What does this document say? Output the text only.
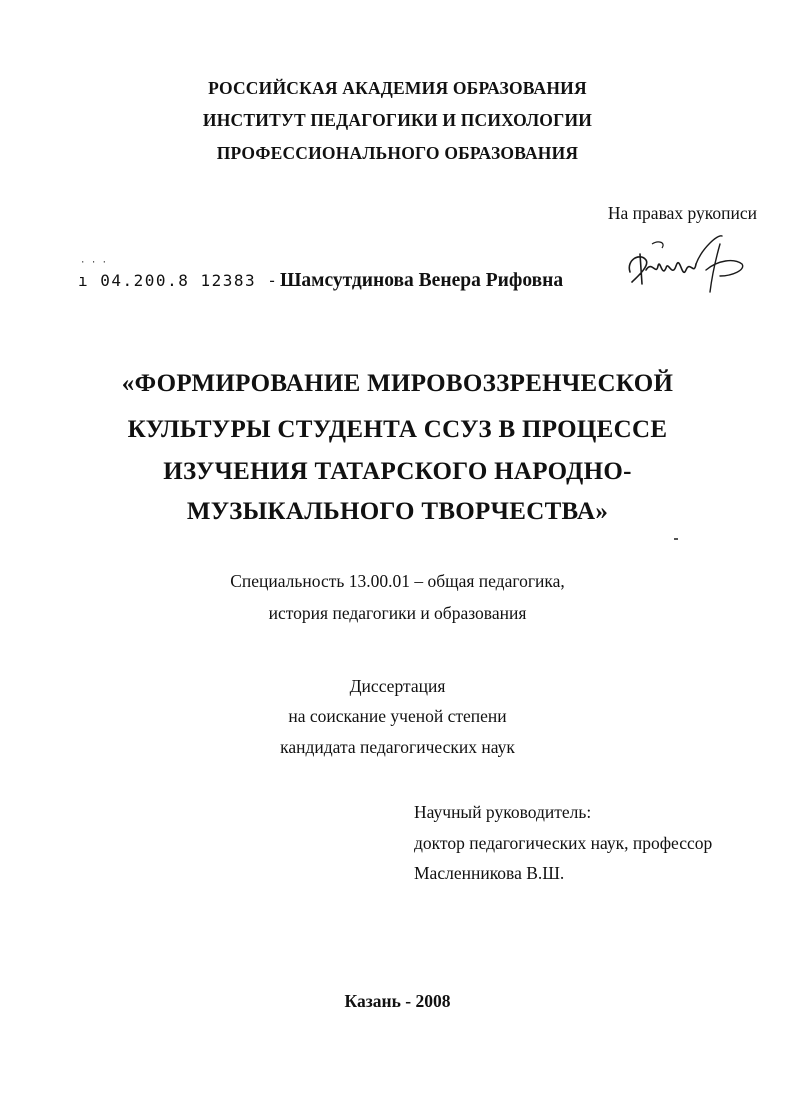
РОССИЙСКАЯ АКАДЕМИЯ ОБРАЗОВАНИЯ
ИНСТИТУТ ПЕДАГОГИКИ И ПСИХОЛОГИИ
ПРОФЕССИОНАЛЬНОГО ОБРАЗОВАНИЯ
На правах рукописи
· · ·
ı 04.200.8 12383 - Шамсутдинова Венера Рифовна
«ФОРМИРОВАНИЕ МИРОВОЗЗРЕНЧЕСКОЙ
КУЛЬТУРЫ СТУДЕНТА ССУЗ В ПРОЦЕССЕ
ИЗУЧЕНИЯ ТАТАРСКОГО НАРОДНО-
МУЗЫКАЛЬНОГО ТВОРЧЕСТВА»
Специальность 13.00.01 – общая педагогика,
история педагогики и образования
Диссертация
на соискание ученой степени
кандидата педагогических наук
Научный руководитель:
доктор педагогических наук, профессор
Масленникова В.Ш.
Казань - 2008
